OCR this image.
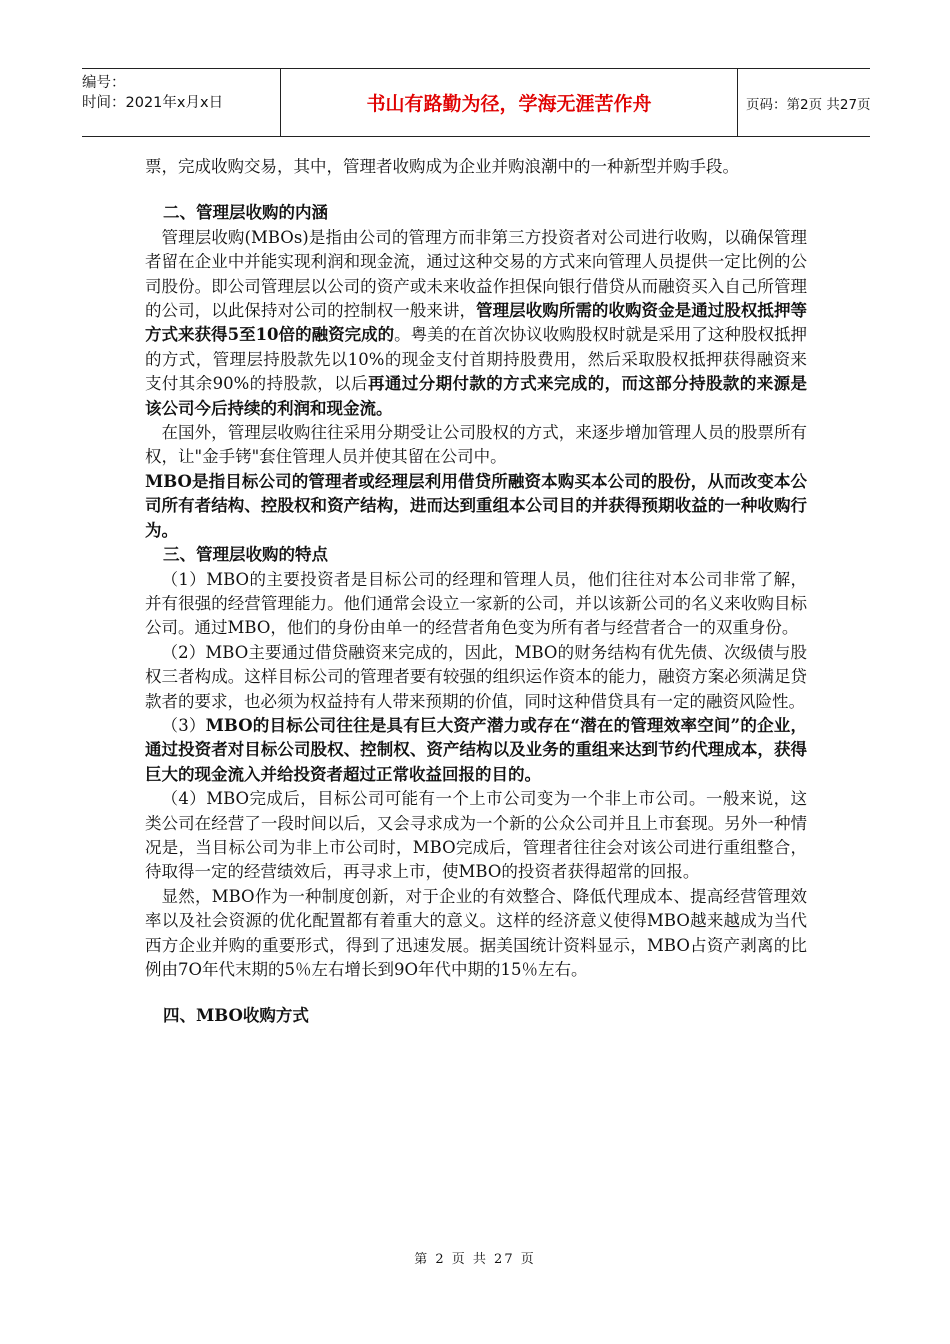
编号：
时间：2021年x月x日	书山有路勤为径，学海无涯苦作舟	页码：第2页 共27页

票，完成收购交易，其中，管理者收购成为企业并购浪潮中的一种新型并购手段。

二、管理层收购的内涵

管理层收购(MBOs)是指由公司的管理方而非第三方投资者对公司进行收购，以确保管理者留在企业中并能实现利润和现金流，通过这种交易的方式来向管理人员提供一定比例的公司股份。即公司管理层以公司的资产或未来收益作担保向银行借贷从而融资买入自己所管理的公司，以此保持对公司的控制权一般来讲，管理层收购所需的收购资金是通过股权抵押等方式来获得5至10倍的融资完成的。粤美的在首次协议收购股权时就是采用了这种股权抵押的方式，管理层持股款先以10%的现金支付首期持股费用，然后采取股权抵押获得融资来支付其余90%的持股款，以后再通过分期付款的方式来完成的，而这部分持股款的来源是该公司今后持续的利润和现金流。

在国外，管理层收购往往采用分期受让公司股权的方式，来逐步增加管理人员的股票所有权，让"金手铐"套住管理人员并使其留在公司中。

MBO是指目标公司的管理者或经理层利用借贷所融资本购买本公司的股份，从而改变本公司所有者结构、控股权和资产结构，进而达到重组本公司目的并获得预期收益的一种收购行为。

三、管理层收购的特点

（1）MBO的主要投资者是目标公司的经理和管理人员，他们往往对本公司非常了解，并有很强的经营管理能力。他们通常会设立一家新的公司，并以该新公司的名义来收购目标公司。通过MBO，他们的身份由单一的经营者角色变为所有者与经营者合一的双重身份。

（2）MBO主要通过借贷融资来完成的，因此，MBO的财务结构有优先债、次级债与股权三者构成。这样目标公司的管理者要有较强的组织运作资本的能力，融资方案必须满足贷款者的要求，也必须为权益持有人带来预期的价值，同时这种借贷具有一定的融资风险性。

（3）MBO的目标公司往往是具有巨大资产潜力或存在“潜在的管理效率空间”的企业，通过投资者对目标公司股权、控制权、资产结构以及业务的重组来达到节约代理成本，获得巨大的现金流入并给投资者超过正常收益回报的目的。

（4）MBO完成后，目标公司可能有一个上市公司变为一个非上市公司。一般来说，这类公司在经营了一段时间以后，又会寻求成为一个新的公众公司并且上市套现。另外一种情况是，当目标公司为非上市公司时，MBO完成后，管理者往往会对该公司进行重组整合，待取得一定的经营绩效后，再寻求上市，使MBO的投资者获得超常的回报。

显然，MBO作为一种制度创新，对于企业的有效整合、降低代理成本、提高经营管理效率以及社会资源的优化配置都有着重大的意义。这样的经济意义使得MBO越来越成为当代西方企业并购的重要形式，得到了迅速发展。据美国统计资料显示，MBO占资产剥离的比例由7O年代末期的5％左右增长到9O年代中期的15％左右。

四、MBO收购方式

第 2 页 共 27 页
